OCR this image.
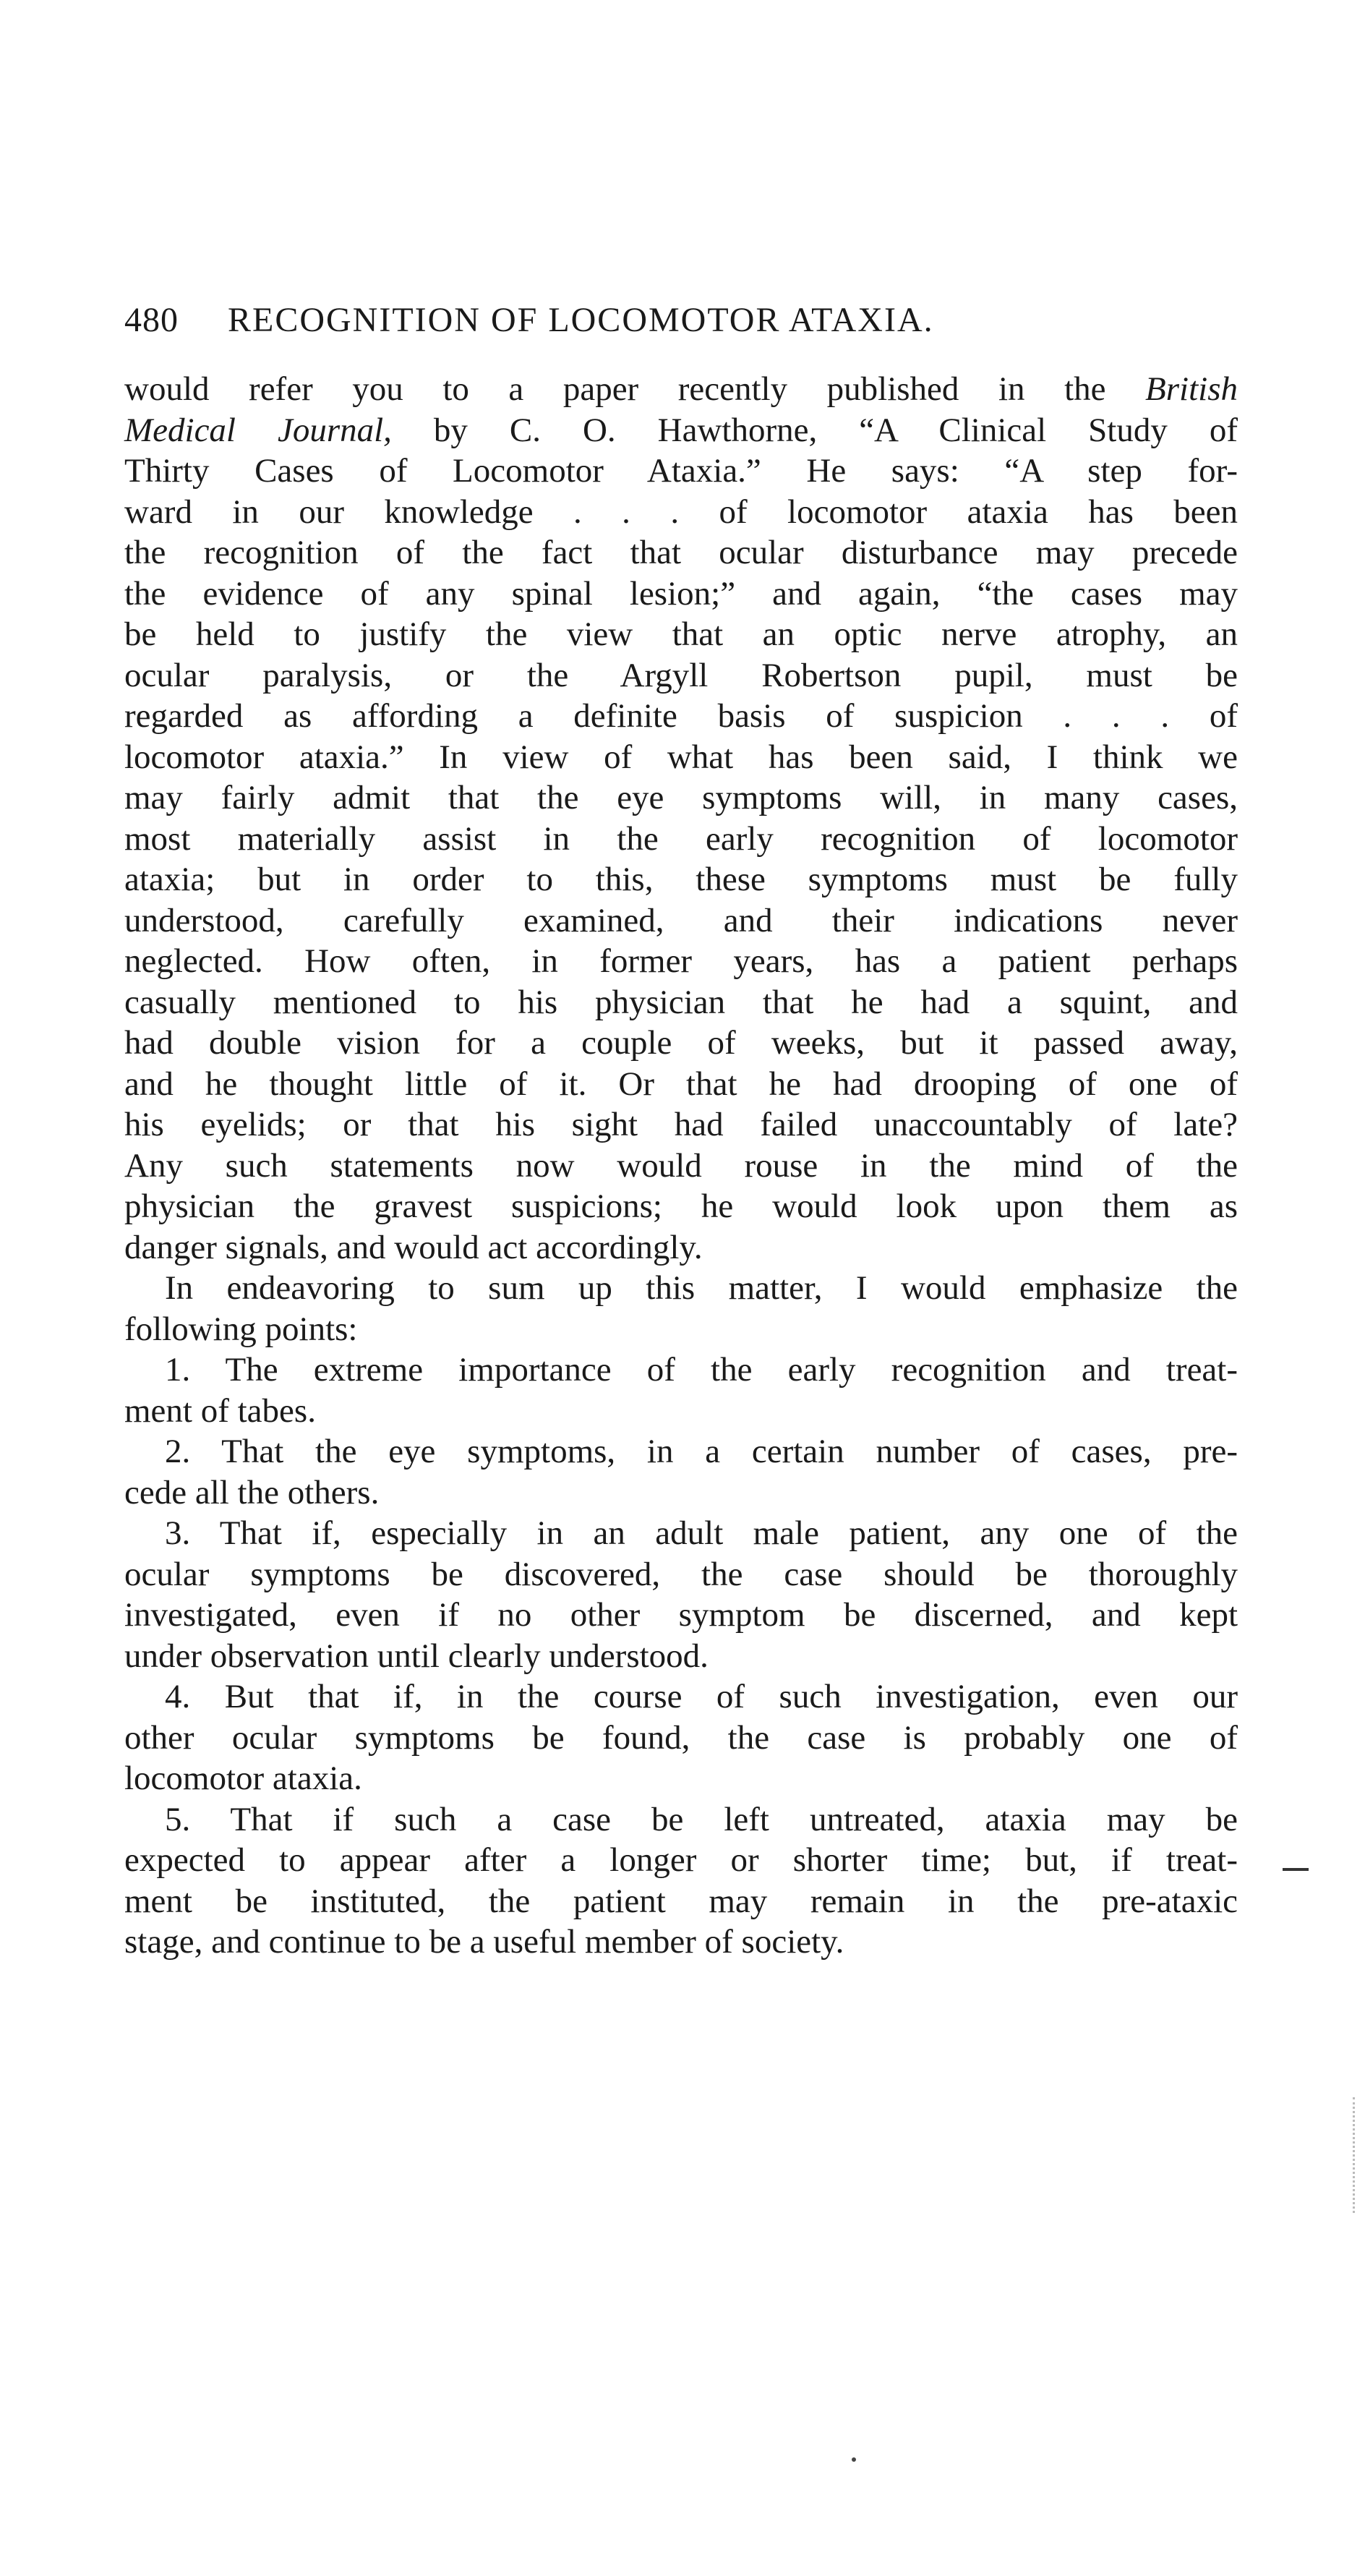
480 RECOGNITION OF LOCOMOTOR ATAXIA.

would refer you to a paper recently published in the British
Medical Journal, by C. O. Hawthorne, “A Clinical Study of
Thirty Cases of Locomotor Ataxia.” He says: “A step for-
ward in our knowledge . . . of locomotor ataxia has been
the recognition of the fact that ocular disturbance may precede
the evidence of any spinal lesion;” and again, “the cases may
be held to justify the view that an optic nerve atrophy, an
ocular paralysis, or the Argyll Robertson pupil, must be
regarded as affording a definite basis of suspicion . . . of
locomotor ataxia.” In view of what has been said, I think we
may fairly admit that the eye symptoms will, in many cases,
most materially assist in the early recognition of locomotor
ataxia; but in order to this, these symptoms must be fully
understood, carefully examined, and their indications never
neglected. How often, in former years, has a patient perhaps
casually mentioned to his physician that he had a squint, and
had double vision for a couple of weeks, but it passed away,
and he thought little of it. Or that he had drooping of one of
his eyelids; or that his sight had failed unaccountably of late?
Any such statements now would rouse in the mind of the
physician the gravest suspicions; he would look upon them as
danger signals, and would act accordingly.

In endeavoring to sum up this matter, I would emphasize the
following points:

1. The extreme importance of the early recognition and treat-
ment of tabes.

2. That the eye symptoms, in a certain number of cases, pre-
cede all the others.

3. That if, especially in an adult male patient, any one of the
ocular symptoms be discovered, the case should be thoroughly
investigated, even if no other symptom be discerned, and kept
under observation until clearly understood.

4. But that if, in the course of such investigation, even our
other ocular symptoms be found, the case is probably one of
locomotor ataxia.

5. That if such a case be left untreated, ataxia may be
expected to appear after a longer or shorter time; but, if treat-
ment be instituted, the patient may remain in the pre-ataxic
stage, and continue to be a useful member of society.
